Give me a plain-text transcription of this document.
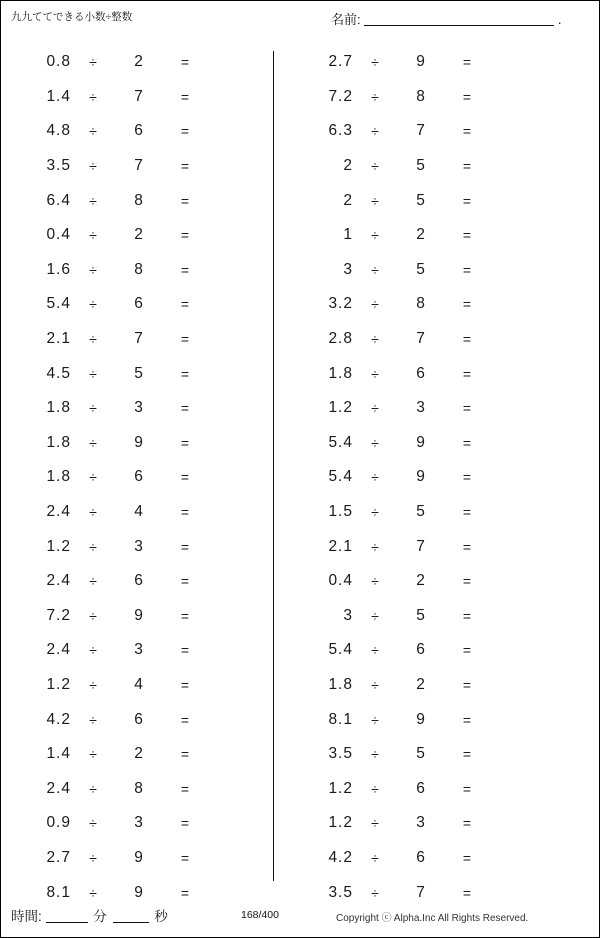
九九ててできる小数÷整数	名前:	.
0.8	÷	2	=
1.4	÷	7	=
4.8	÷	6	=
3.5	÷	7	=
6.4	÷	8	=
0.4	÷	2	=
1.6	÷	8	=
5.4	÷	6	=
2.1	÷	7	=
4.5	÷	5	=
1.8	÷	3	=
1.8	÷	9	=
1.8	÷	6	=
2.4	÷	4	=
1.2	÷	3	=
2.4	÷	6	=
7.2	÷	9	=
2.4	÷	3	=
1.2	÷	4	=
4.2	÷	6	=
1.4	÷	2	=
2.4	÷	8	=
0.9	÷	3	=
2.7	÷	9	=
8.1	÷	9	=
2.7	÷	9	=
7.2	÷	8	=
6.3	÷	7	=
2	÷	5	=
2	÷	5	=
1	÷	2	=
3	÷	5	=
3.2	÷	8	=
2.8	÷	7	=
1.8	÷	6	=
1.2	÷	3	=
5.4	÷	9	=
5.4	÷	9	=
1.5	÷	5	=
2.1	÷	7	=
0.4	÷	2	=
3	÷	5	=
5.4	÷	6	=
1.8	÷	2	=
8.1	÷	9	=
3.5	÷	5	=
1.2	÷	6	=
1.2	÷	3	=
4.2	÷	6	=
3.5	÷	7	=
時間:	分	秒	168/400	Copyright ⓒ Alpha.Inc All Rights Reserved.
